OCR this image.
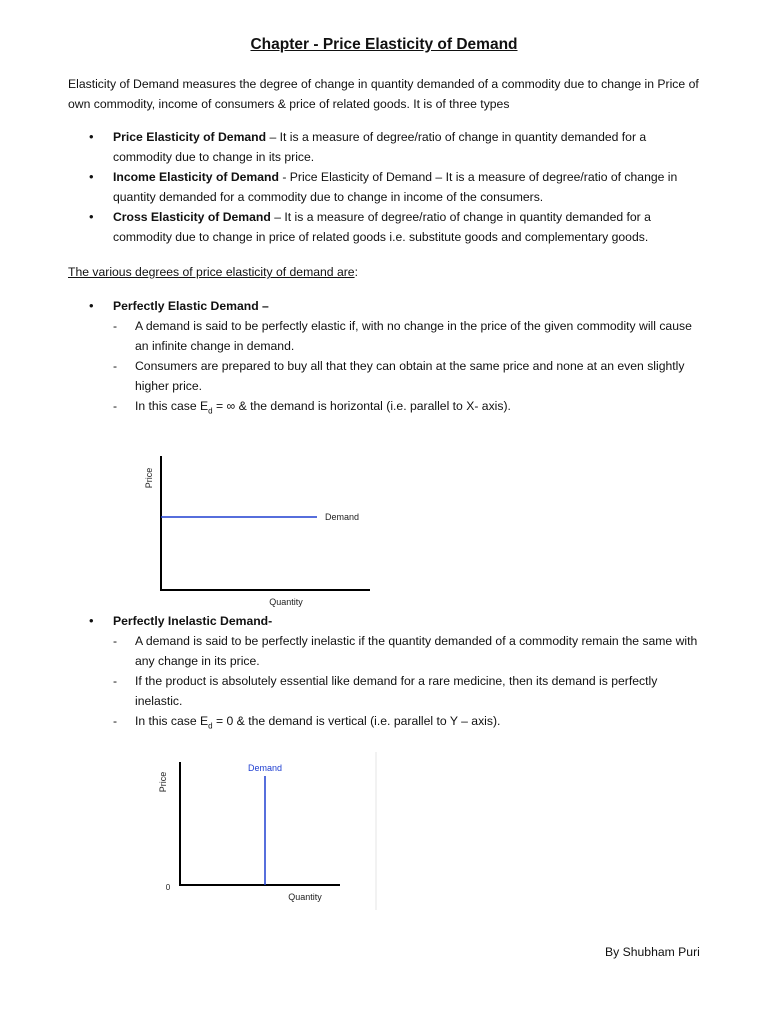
Chapter - Price Elasticity of Demand
Elasticity of Demand measures the degree of change in quantity demanded of a commodity due to change in Price of own commodity, income of consumers & price of related goods. It is of three types
• Price Elasticity of Demand – It is a measure of degree/ratio of change in quantity demanded for a commodity due to change in its price.
• Income Elasticity of Demand - Price Elasticity of Demand – It is a measure of degree/ratio of change in quantity demanded for a commodity due to change in income of the consumers.
• Cross Elasticity of Demand – It is a measure of degree/ratio of change in quantity demanded for a commodity due to change in price of related goods i.e. substitute goods and complementary goods.
The various degrees of price elasticity of demand are:
• Perfectly Elastic Demand –
- A demand is said to be perfectly elastic if, with no change in the price of the given commodity will cause an infinite change in demand.
- Consumers are prepared to buy all that they can obtain at the same price and none at an even slightly higher price.
- In this case $E_d$ = ∞ & the demand is horizontal (i.e. parallel to X- axis).
Price
Quantity
Demand
• Perfectly Inelastic Demand-
- A demand is said to be perfectly inelastic if the quantity demanded of a commodity remain the same with any change in its price.
- If the product is absolutely essential like demand for a rare medicine, then its demand is perfectly inelastic.
- In this case $E_d = 0$ & the demand is vertical (i.e. parallel to Y – axis).
Price
Quantity
0
Demand
By Shubham Puri
